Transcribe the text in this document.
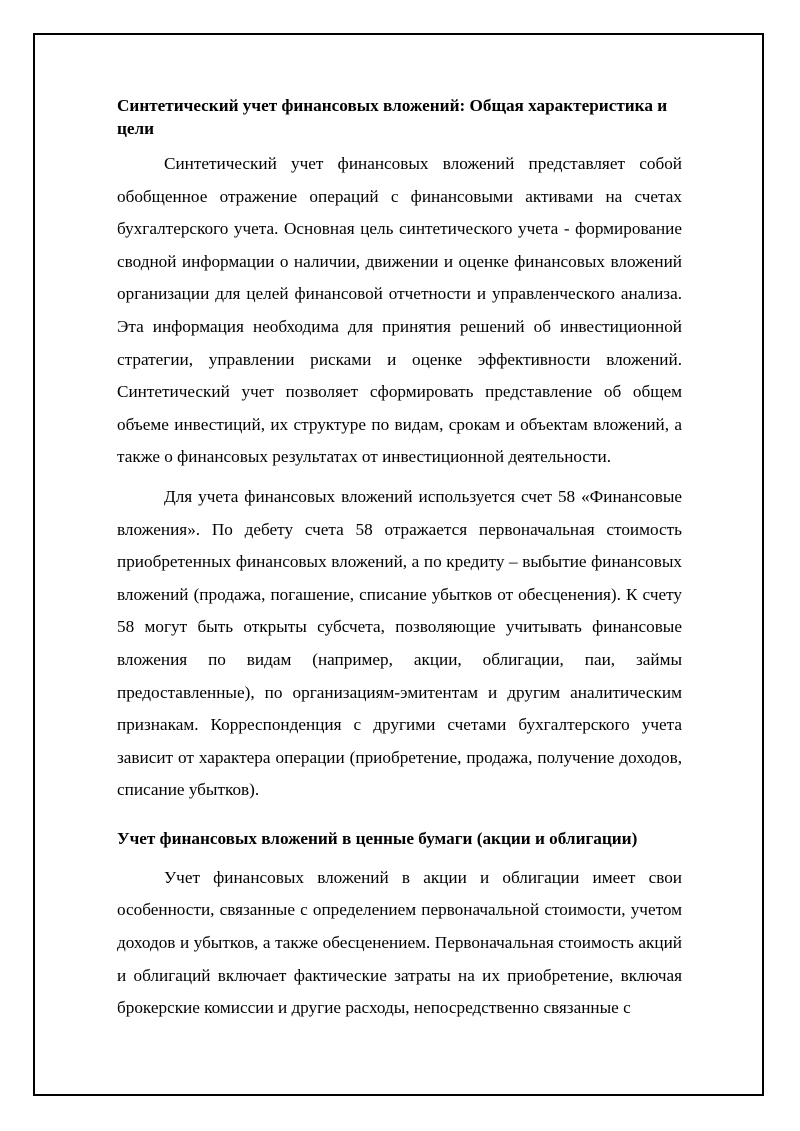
Синтетический учет финансовых вложений: Общая характеристика и цели

Синтетический учет финансовых вложений представляет собой обобщенное отражение операций с финансовыми активами на счетах бухгалтерского учета. Основная цель синтетического учета - формирование сводной информации о наличии, движении и оценке финансовых вложений организации для целей финансовой отчетности и управленческого анализа. Эта информация необходима для принятия решений об инвестиционной стратегии, управлении рисками и оценке эффективности вложений. Синтетический учет позволяет сформировать представление об общем объеме инвестиций, их структуре по видам, срокам и объектам вложений, а также о финансовых результатах от инвестиционной деятельности.

Для учета финансовых вложений используется счет 58 «Финансовые вложения». По дебету счета 58 отражается первоначальная стоимость приобретенных финансовых вложений, а по кредиту – выбытие финансовых вложений (продажа, погашение, списание убытков от обесценения). К счету 58 могут быть открыты субсчета, позволяющие учитывать финансовые вложения по видам (например, акции, облигации, паи, займы предоставленные), по организациям-эмитентам и другим аналитическим признакам. Корреспонденция с другими счетами бухгалтерского учета зависит от характера операции (приобретение, продажа, получение доходов, списание убытков).

Учет финансовых вложений в ценные бумаги (акции и облигации)

Учет финансовых вложений в акции и облигации имеет свои особенности, связанные с определением первоначальной стоимости, учетом доходов и убытков, а также обесценением. Первоначальная стоимость акций и облигаций включает фактические затраты на их приобретение, включая брокерские комиссии и другие расходы, непосредственно связанные с
